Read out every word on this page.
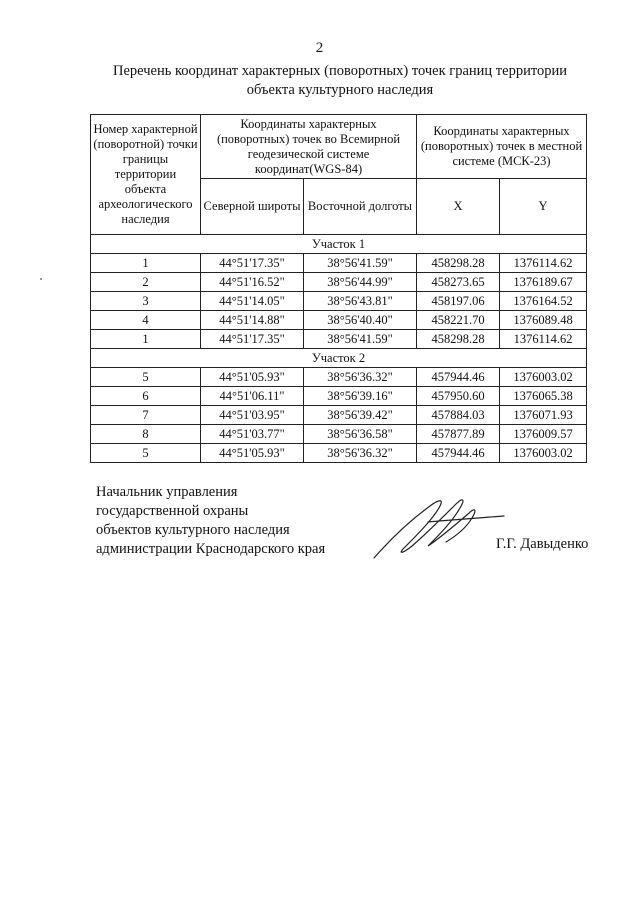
2
Перечень координат характерных (поворотных) точек границ территории
объекта культурного наследия
Номер характерной (поворотной) точки границы территории объекта археологического наследия	Координаты характерных (поворотных) точек во Всемирной геодезической системе координат(WGS-84)		Координаты характерных (поворотных) точек в местной системе (МСК-23)	
	Северной широты	Восточной долготы	X	Y
Участок 1				
1	44°51'17.35"	38°56'41.59"	458298.28	1376114.62
2	44°51'16.52"	38°56'44.99"	458273.65	1376189.67
3	44°51'14.05"	38°56'43.81"	458197.06	1376164.52
4	44°51'14.88"	38°56'40.40"	458221.70	1376089.48
1	44°51'17.35"	38°56'41.59"	458298.28	1376114.62
Участок 2				
5	44°51'05.93"	38°56'36.32"	457944.46	1376003.02
6	44°51'06.11"	38°56'39.16"	457950.60	1376065.38
7	44°51'03.95"	38°56'39.42"	457884.03	1376071.93
8	44°51'03.77"	38°56'36.58"	457877.89	1376009.57
5	44°51'05.93"	38°56'36.32"	457944.46	1376003.02
Начальник управления
государственной охраны
объектов культурного наследия
администрации Краснодарского края	Г.Г. Давыденко
